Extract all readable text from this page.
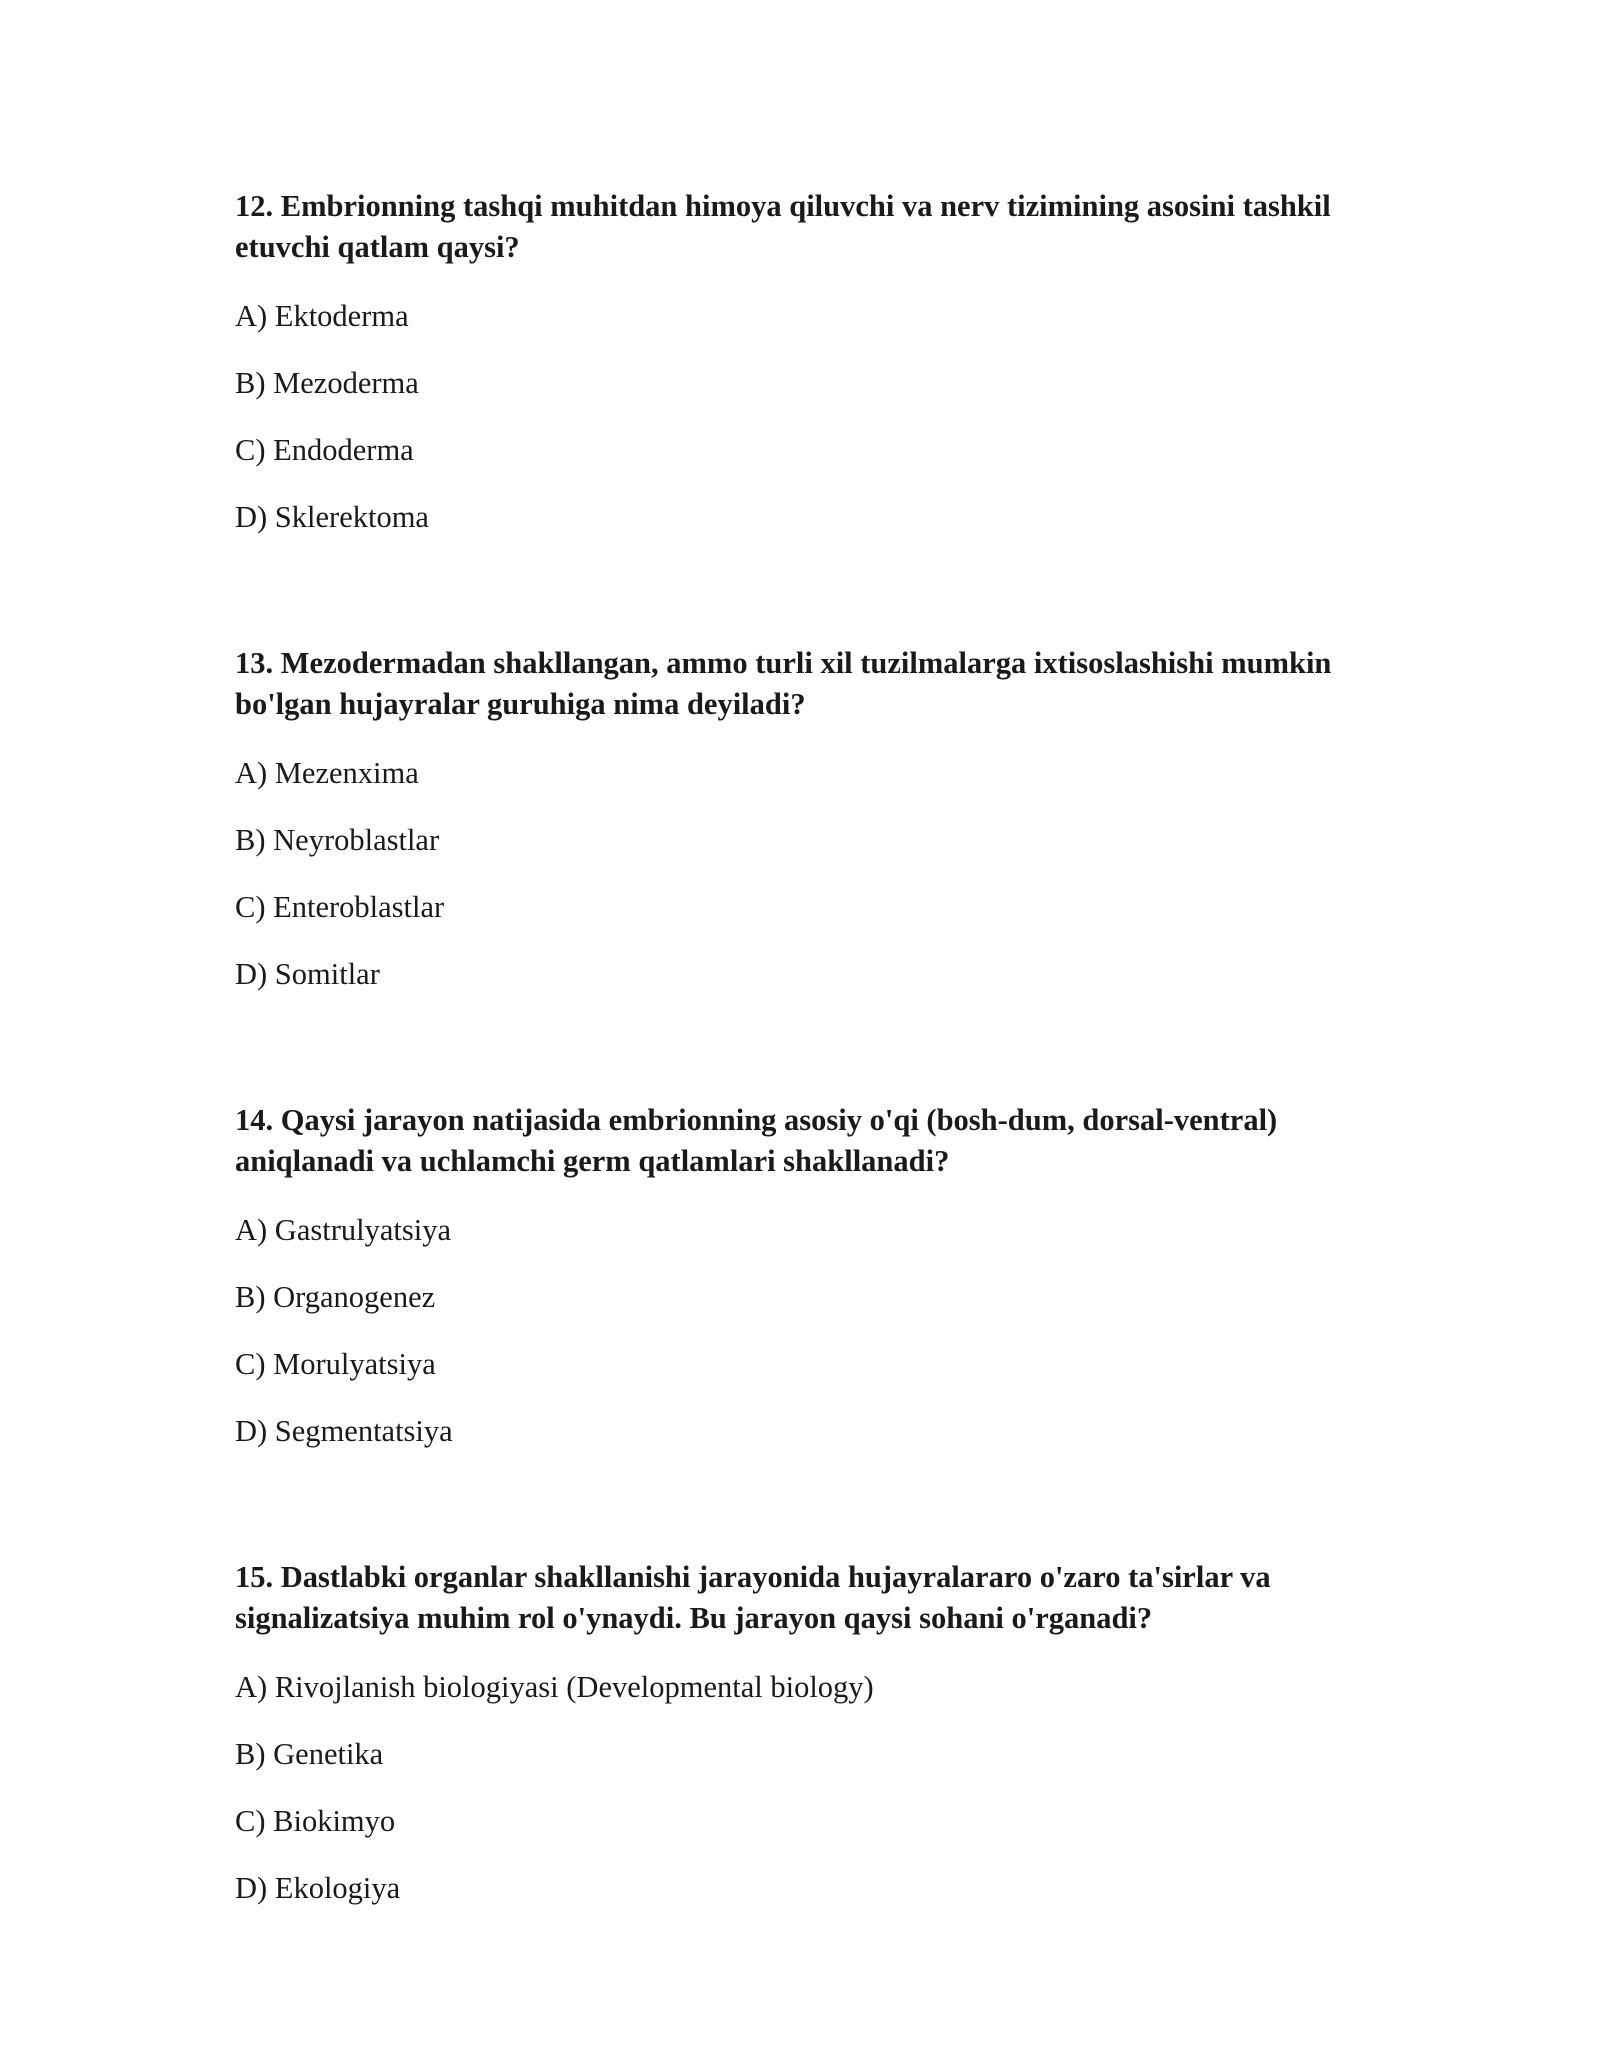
12. Embrionning tashqi muhitdan himoya qiluvchi va nerv tizimining asosini tashkil etuvchi qatlam qaysi?

A) Ektoderma
B) Mezoderma
C) Endoderma
D) Sklerektoma

13. Mezodermadan shakllangan, ammo turli xil tuzilmalarga ixtisoslashishi mumkin bo'lgan hujayralar guruhiga nima deyiladi?

A) Mezenxima
B) Neyroblastlar
C) Enteroblastlar
D) Somitlar

14. Qaysi jarayon natijasida embrionning asosiy o'qi (bosh-dum, dorsal-ventral) aniqlanadi va uchlamchi germ qatlamlari shakllanadi?

A) Gastrulyatsiya
B) Organogenez
C) Morulyatsiya
D) Segmentatsiya

15. Dastlabki organlar shakllanishi jarayonida hujayralararo o'zaro ta'sirlar va signalizatsiya muhim rol o'ynaydi. Bu jarayon qaysi sohani o'rganadi?

A) Rivojlanish biologiyasi (Developmental biology)
B) Genetika
C) Biokimyo
D) Ekologiya
